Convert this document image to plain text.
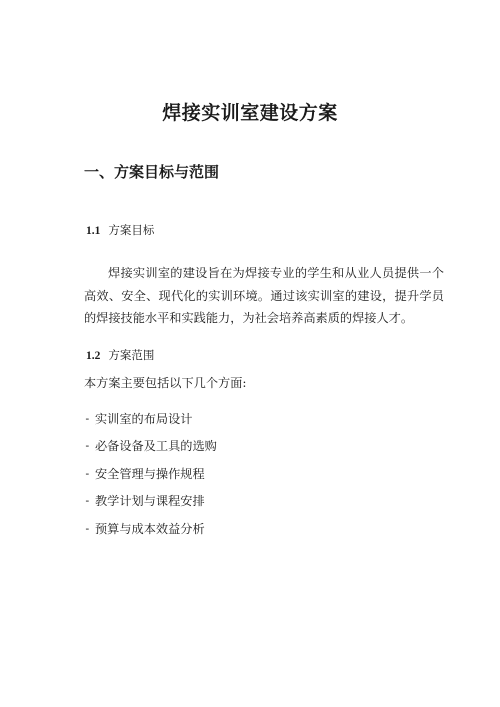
焊接实训室建设方案
一、方案目标与范围
1.1 方案目标

焊接实训室的建设旨在为焊接专业的学生和从业人员提供一个高效、安全、现代化的实训环境。通过该实训室的建设，提升学员的焊接技能水平和实践能力，为社会培养高素质的焊接人才。

1.2 方案范围

本方案主要包括以下几个方面:

- 实训室的布局设计
- 必备设备及工具的选购
- 安全管理与操作规程
- 教学计划与课程安排
- 预算与成本效益分析
